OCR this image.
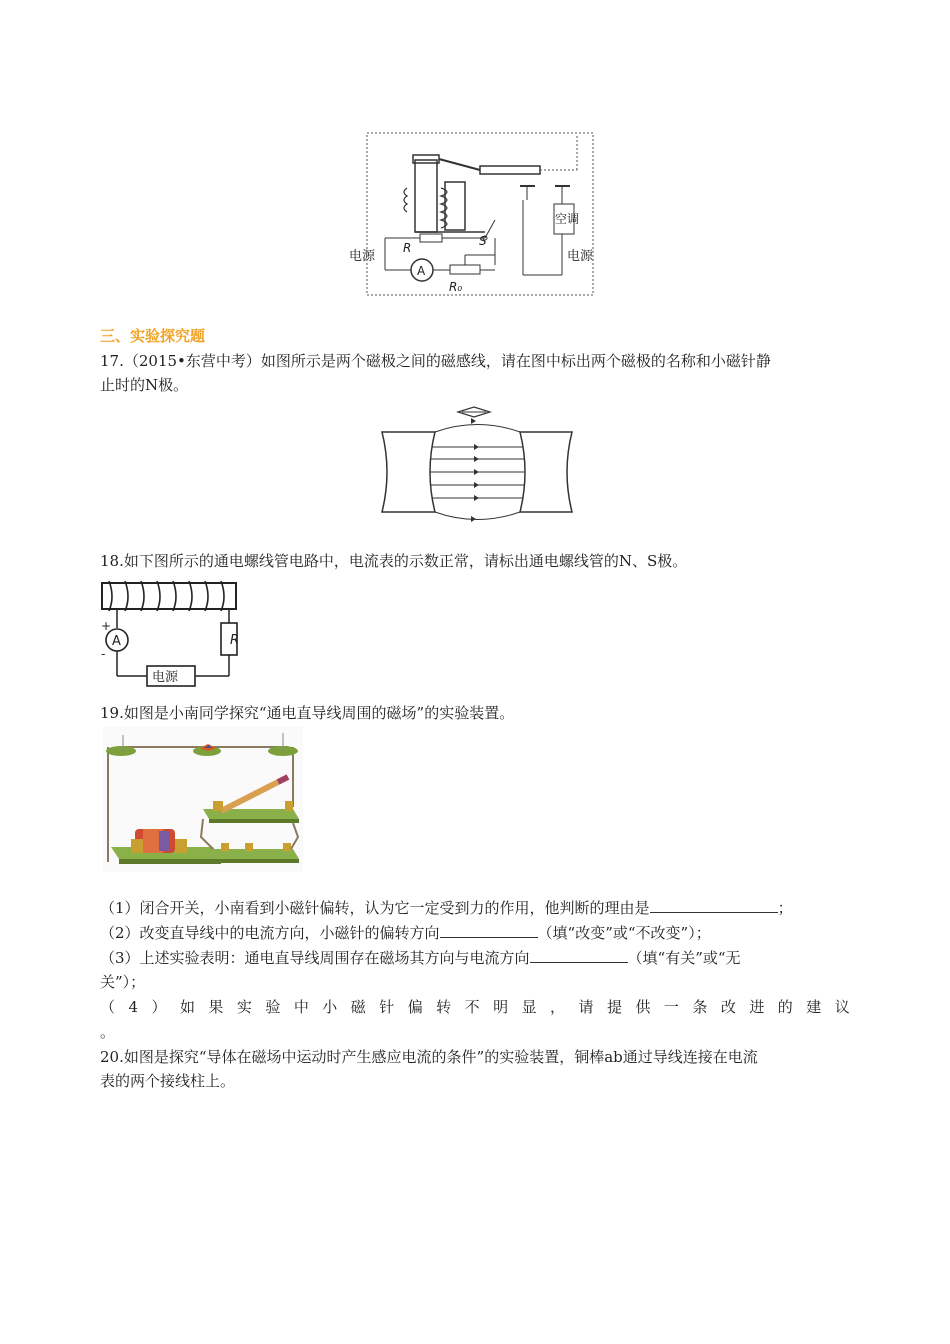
空调
电源
R	S
电源
A
R₀
三、实验探究题
17.（2015•东营中考）如图所示是两个磁极之间的磁感线，请在图中标出两个磁极的名称和小磁针静
止时的N极。
18.如下图所示的通电螺线管电路中，电流表的示数正常，请标出通电螺线管的N、S极。
A
+
-
R
电源
19.如图是小南同学探究“通电直导线周围的磁场”的实验装置。
（1）闭合开关，小南看到小磁针偏转，认为它一定受到力的作用，他判断的理由是	；
（2）改变直导线中的电流方向，小磁针的偏转方向	（填“改变”或“不改变”）；
（3）上述实验表明：通电直导线周围存在磁场其方向与电流方向	（填“有关”或“无
关”）；
（ 4 ） 如 果 实 验 中 小 磁 针 偏 转 不 明 显 ， 请 提 供 一 条 改 进 的 建 议
。
20.如图是探究“导体在磁场中运动时产生感应电流的条件”的实验装置，铜棒ab通过导线连接在电流
表的两个接线柱上。
